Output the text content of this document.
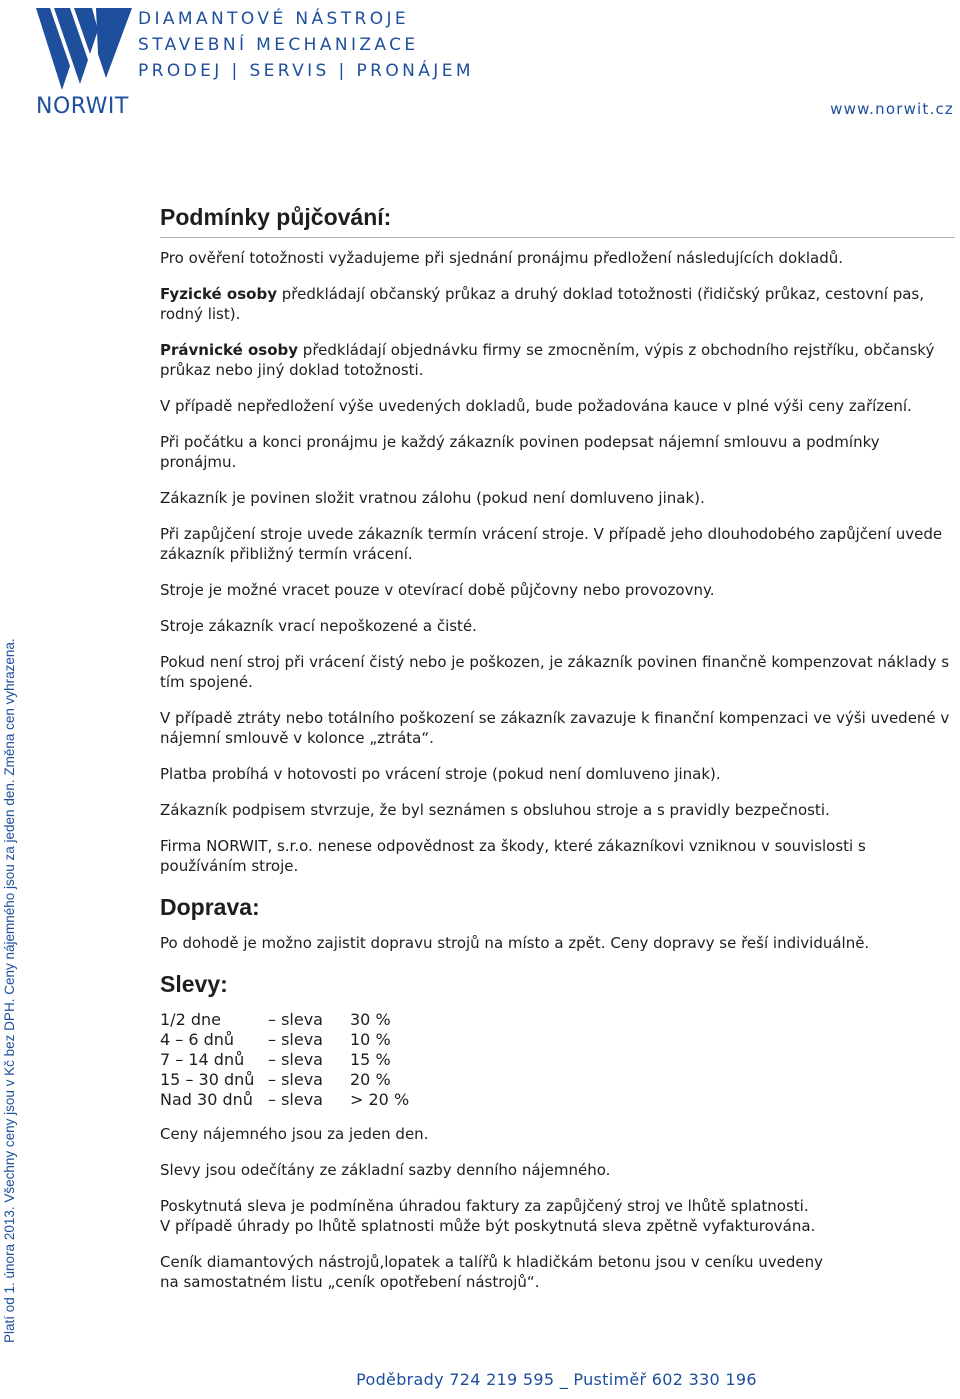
NORWIT
DIAMANTOVÉ NÁSTROJE
STAVEBNÍ MECHANIZACE
PRODEJ | SERVIS | PRONÁJEM
www.norwit.cz
Platí od 1. února 2013. Všechny ceny jsou v Kč bez DPH. Ceny nájemného jsou za jeden den. Změna cen vyhrazena.
Podmínky půjčování:

Pro ověření totožnosti vyžadujeme při sjednání pronájmu předložení následujících dokladů.

Fyzické osoby předkládají občanský průkaz a druhý doklad totožnosti (řidičský průkaz, cestovní pas, rodný list).

Právnické osoby předkládají objednávku firmy se zmocněním, výpis z obchodního rejstříku, občanský průkaz nebo jiný doklad totožnosti.

V případě nepředložení výše uvedených dokladů, bude požadována kauce v plné výši ceny zařízení.

Při počátku a konci pronájmu je každý zákazník povinen podepsat nájemní smlouvu a podmínky pronájmu.

Zákazník je povinen složit vratnou zálohu (pokud není domluveno jinak).

Při zapůjčení stroje uvede zákazník termín vrácení stroje. V případě jeho dlouhodobého zapůjčení uvede zákazník přibližný termín vrácení.

Stroje je možné vracet pouze v otevírací době půjčovny nebo provozovny.

Stroje zákazník vrací nepoškozené a čisté.

Pokud není stroj při vrácení čistý nebo je poškozen, je zákazník povinen finančně kompenzovat náklady s tím spojené.

V případě ztráty nebo totálního poškození se zákazník zavazuje k finanční kompenzaci ve výši uvedené v nájemní smlouvě v kolonce „ztráta“.

Platba probíhá v hotovosti po vrácení stroje (pokud není domluveno jinak).

Zákazník podpisem stvrzuje, že byl seznámen s obsluhou stroje a s pravidly bezpečnosti.

Firma NORWIT, s.r.o. nenese odpovědnost za škody, které zákazníkovi vzniknou v souvislosti s používáním stroje.

Doprava:

Po dohodě je možno zajistit dopravu strojů na místo a zpět. Ceny dopravy se řeší individuálně.

Slevy:
1/2 dne	– sleva	30 %
4 – 6 dnů	– sleva	10 %
7 – 14 dnů	– sleva	15 %
15 – 30 dnů	– sleva	20 %
Nad 30 dnů	– sleva	> 20 %

Ceny nájemného jsou za jeden den.

Slevy jsou odečítány ze základní sazby denního nájemného.

Poskytnutá sleva je podmíněna úhradou faktury za zapůjčený stroj ve lhůtě splatnosti.
V případě úhrady po lhůtě splatnosti může být poskytnutá sleva zpětně vyfakturována.

Ceník diamantových nástrojů,lopatek a talířů k hladičkám betonu jsou v ceníku uvedeny
na samostatném listu „ceník opotřebení nástrojů“.

Poděbrady 724 219 595 _ Pustiměř 602 330 196
